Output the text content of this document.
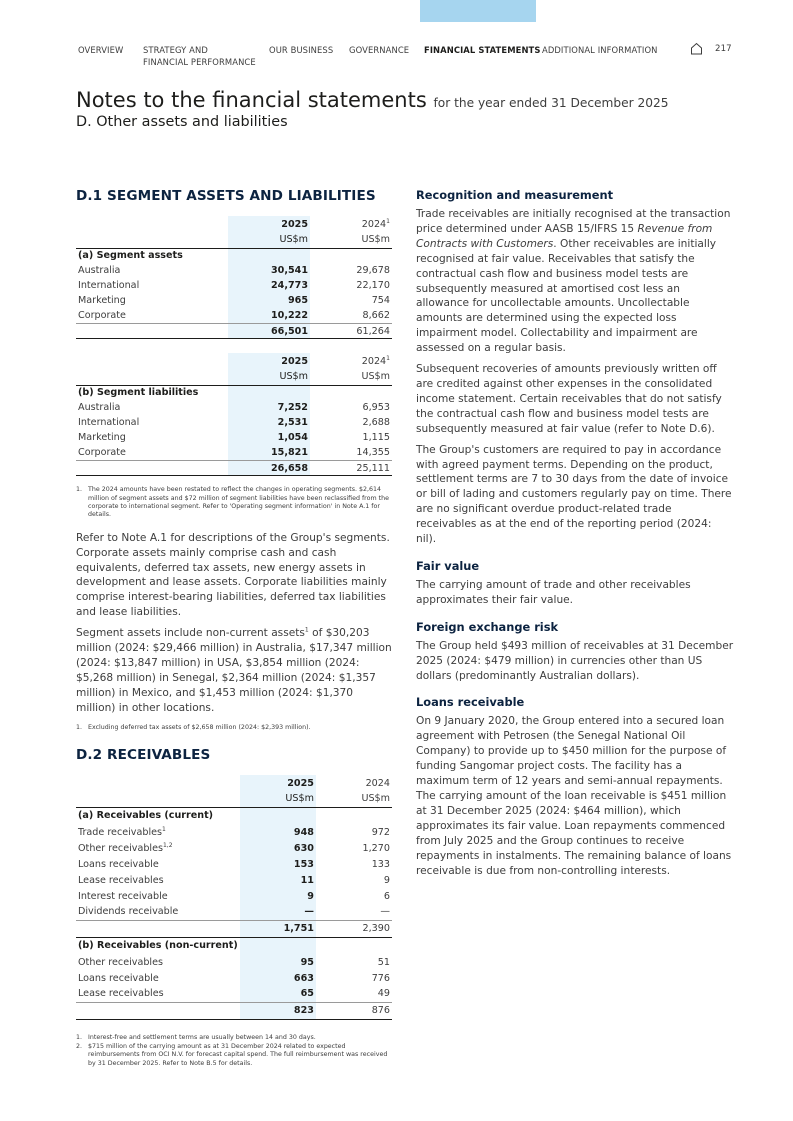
OVERVIEW STRATEGY AND
FINANCIAL PERFORMANCE
OUR BUSINESS GOVERNANCE FINANCIAL STATEMENTS ADDITIONAL INFORMATION	217
Notes to the financial statements for the year ended 31 December 2025
D. Other assets and liabilities
D.1 SEGMENT ASSETS AND LIABILITIES
	2025	2024$^1$
	US$m	US$m
(a) Segment assets		
Australia	30,541	29,678
International	24,773	22,170
Marketing	965	754
Corporate	10,222	8,662
	66,501	61,264
	2025	2024$^1$
	US$m	US$m
(b) Segment liabilities		
Australia	7,252	6,953
International	2,531	2,688
Marketing	1,054	1,115
Corporate	15,821	14,355
	26,658	25,111
1. The 2024 amounts have been restated to reflect the changes in operating segments. $2,614 million of segment assets and $72 million of segment liabilities have been reclassified from the corporate to international segment. Refer to 'Operating segment information' in Note A.1 for details.

Refer to Note A.1 for descriptions of the Group's segments. Corporate assets mainly comprise cash and cash equivalents, deferred tax assets, new energy assets in development and lease assets. Corporate liabilities mainly comprise interest-bearing liabilities, deferred tax liabilities and lease liabilities.

Segment assets include non-current assets$^1$ of $30,203 million (2024: $29,466 million) in Australia, $17,347 million (2024: $13,847 million) in USA, $3,854 million (2024: $5,268 million) in Senegal, $2,364 million (2024: $1,357 million) in Mexico, and $1,453 million (2024: $1,370 million) in other locations.

1. Excluding deferred tax assets of $2,658 million (2024: $2,393 million).
D.2 RECEIVABLES
	2025	2024
	US$m	US$m
(a) Receivables (current)		
Trade receivables$^1$	948	972
Other receivables$^{1,2}$	630	1,270
Loans receivable	153	133
Lease receivables	11	9
Interest receivable	9	6
Dividends receivable	—	—
	1,751	2,390
(b) Receivables (non-current)		
Other receivables	95	51
Loans receivable	663	776
Lease receivables	65	49
	823	876
1. Interest-free and settlement terms are usually between 14 and 30 days.
2. $715 million of the carrying amount as at 31 December 2024 related to expected reimbursements from OCI N.V. for forecast capital spend. The full reimbursement was received by 31 December 2025. Refer to Note B.5 for details.
Recognition and measurement

Trade receivables are initially recognised at the transaction price determined under AASB 15/IFRS 15 Revenue from Contracts with Customers. Other receivables are initially recognised at fair value. Receivables that satisfy the contractual cash flow and business model tests are subsequently measured at amortised cost less an allowance for uncollectable amounts. Uncollectable amounts are determined using the expected loss impairment model. Collectability and impairment are assessed on a regular basis.

Subsequent recoveries of amounts previously written off are credited against other expenses in the consolidated income statement. Certain receivables that do not satisfy the contractual cash flow and business model tests are subsequently measured at fair value (refer to Note D.6).

The Group's customers are required to pay in accordance with agreed payment terms. Depending on the product, settlement terms are 7 to 30 days from the date of invoice or bill of lading and customers regularly pay on time. There are no significant overdue product-related trade receivables as at the end of the reporting period (2024: nil).

Fair value

The carrying amount of trade and other receivables approximates their fair value.

Foreign exchange risk

The Group held $493 million of receivables at 31 December 2025 (2024: $479 million) in currencies other than US dollars (predominantly Australian dollars).

Loans receivable

On 9 January 2020, the Group entered into a secured loan agreement with Petrosen (the Senegal National Oil Company) to provide up to $450 million for the purpose of funding Sangomar project costs. The facility has a maximum term of 12 years and semi-annual repayments. The carrying amount of the loan receivable is $451 million at 31 December 2025 (2024: $464 million), which approximates its fair value. Loan repayments commenced from July 2025 and the Group continues to receive repayments in instalments. The remaining balance of loans receivable is due from non-controlling interests.
